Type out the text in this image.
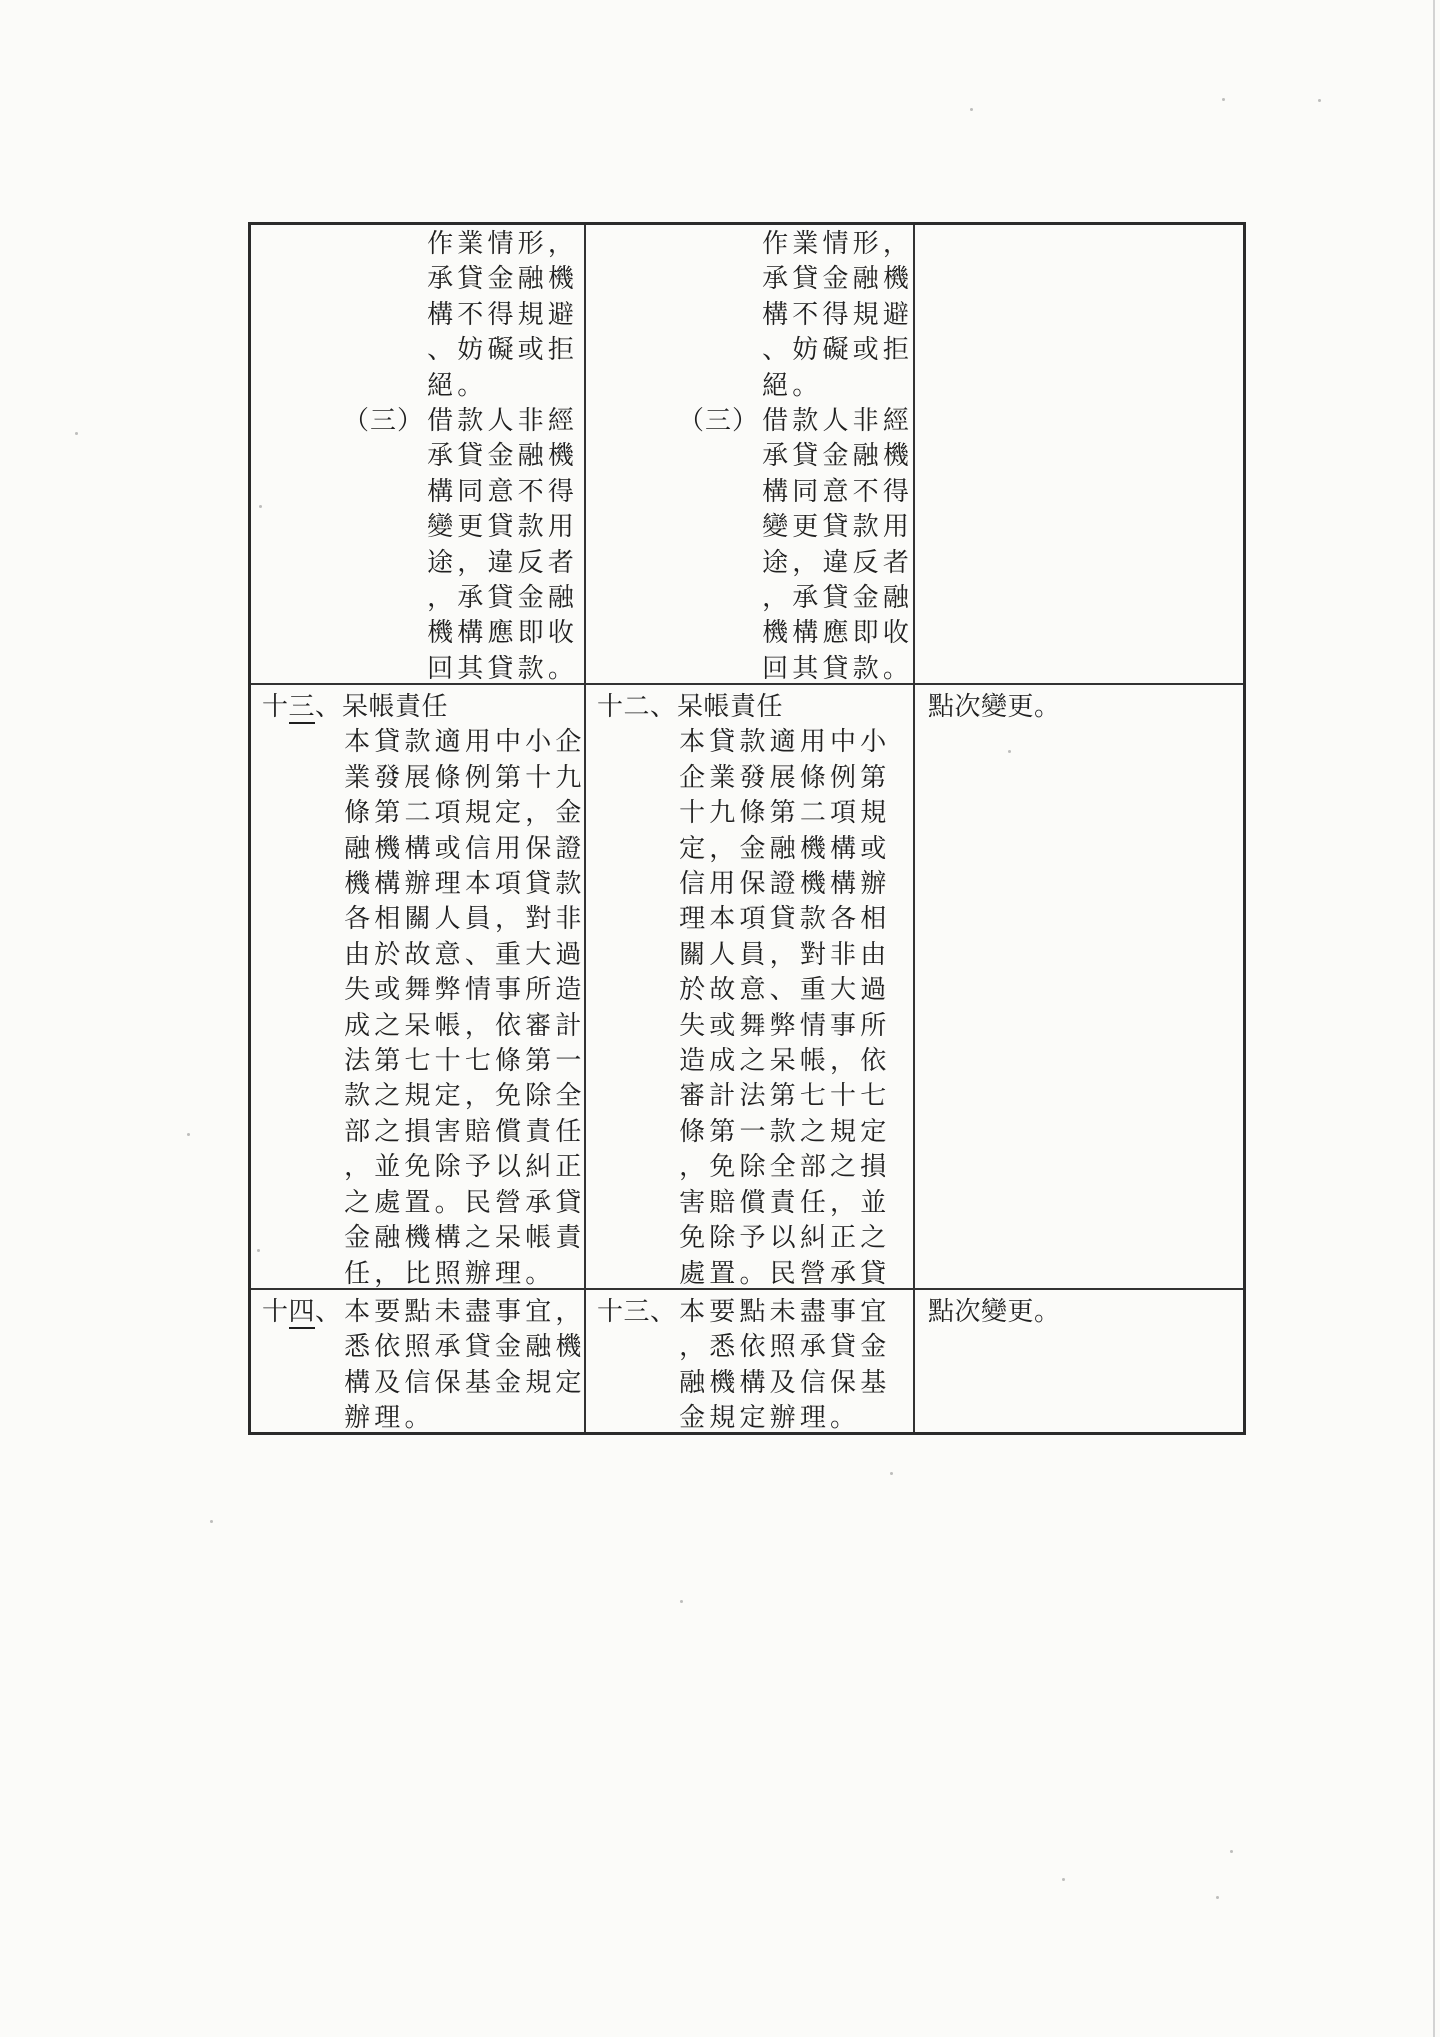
作 業 情 形 ，承 貸 金 融 機構 不 得 規 避、 妨 礙 或 拒絕 。
（三） 借 款 人 非 經承 貸 金 融 機構 同 意 不 得變 更 貸 款 用途 ， 違 反 者， 承 貸 金 融機 構 應 即 收回 其 貸 款 。
作 業 情 形 ，承 貸 金 融 機構 不 得 規 避、 妨 礙 或 拒絕 。
（三） 借 款 人 非 經承 貸 金 融 機構 同 意 不 得變 更 貸 款 用途 ， 違 反 者， 承 貸 金 融機 構 應 即 收回 其 貸 款 。
十三、 呆帳責任
本 貸 款 適 用 中 小 企業 發 展 條 例 第 十 九條 第 二 項 規 定 ， 金融 機 構 或 信 用 保 證機 構 辦 理 本 項 貸 款各 相 關 人 員 ， 對 非由 於 故 意 、 重 大 過失 或 舞 弊 情 事 所 造成 之 呆 帳 ， 依 審 計法 第 七 十 七 條 第 一款 之 規 定 ， 免 除 全部 之 損 害 賠 償 責 任， 並 免 除 予 以 糾 正之 處 置 。 民 營 承 貸金 融 機 構 之 呆 帳 責任 ， 比 照 辦 理 。
十二、 呆帳責任
本 貸 款 適 用 中 小企 業 發 展 條 例 第十 九 條 第 二 項 規定 ， 金 融 機 構 或信 用 保 證 機 構 辦理 本 項 貸 款 各 相關 人 員 ， 對 非 由於 故 意 、 重 大 過失 或 舞 弊 情 事 所造 成 之 呆 帳 ， 依審 計 法 第 七 十 七條 第 一 款 之 規 定， 免 除 全 部 之 損害 賠 償 責 任 ， 並免 除 予 以 糾 正 之處 置 。 民 營 承 貸
點次變更。
十四、 本 要 點 未 盡 事 宜 ，悉 依 照 承 貸 金 融 機構 及 信 保 基 金 規 定辦 理 。
十三、 本 要 點 未 盡 事 宜， 悉 依 照 承 貸 金融 機 構 及 信 保 基金 規 定 辦 理 。
點次變更。
